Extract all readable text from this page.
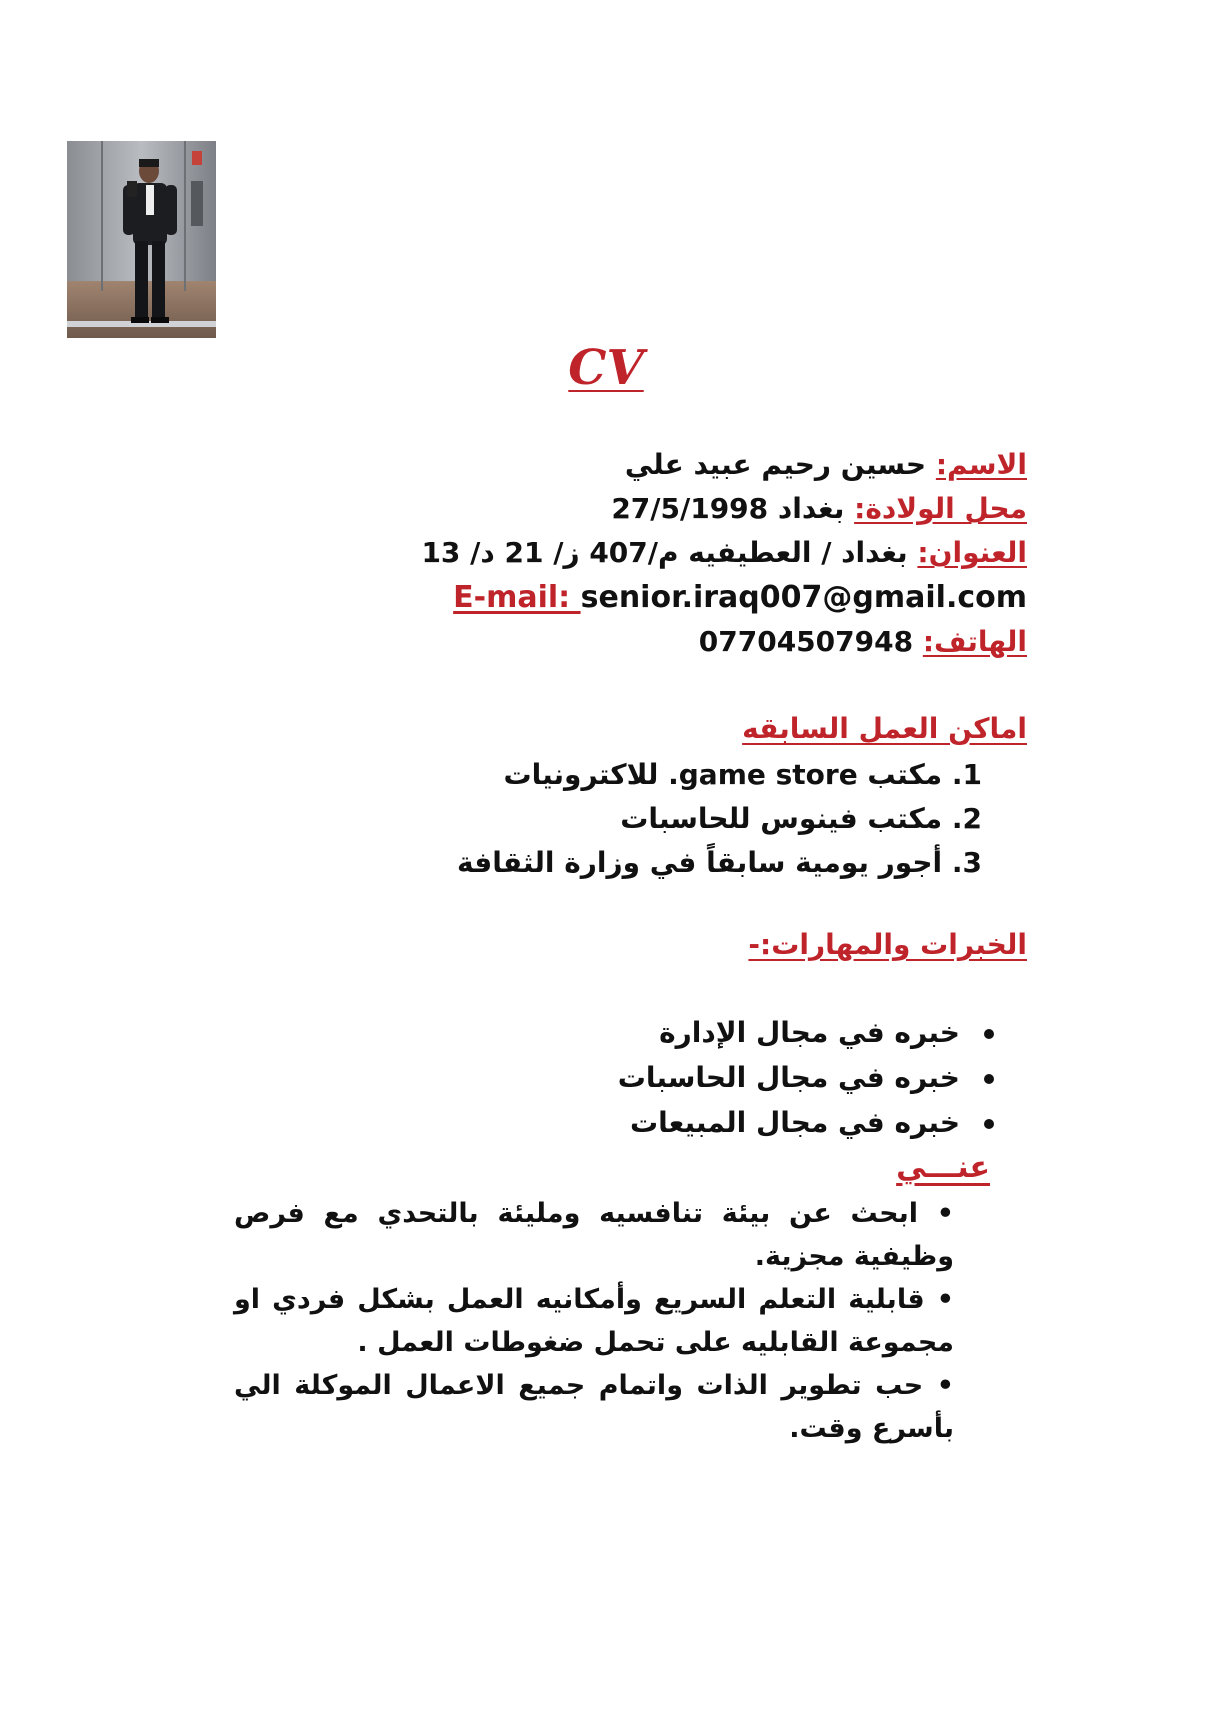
CV
الاسم: حسين رحيم عبيد علي
محل الولادة: بغداد 27/5/1998
العنوان: بغداد / العطيفيه م/407 ز/ 21 د/ 13
E-mail: senior.iraq007@gmail.com
الهاتف: 07704507948
اماكن العمل السابقه
1. مكتب game store. للاكترونيات
2. مكتب فينوس للحاسبات
3. أجور يومية سابقاً في وزارة الثقافة
الخبرات والمهارات:-
خبره في مجال الإدارة
خبره في مجال الحاسبات
خبره في مجال المبيعات
عنـــي
• ابحث عن بيئة تنافسيه ومليئة بالتحدي مع فرص وظيفية مجزية.
• قابلية التعلم السريع وأمكانيه العمل بشكل فردي او مجموعة القابليه على تحمل ضغوطات العمل .
• حب تطوير الذات واتمام جميع الاعمال الموكلة الي بأسرع وقت.
